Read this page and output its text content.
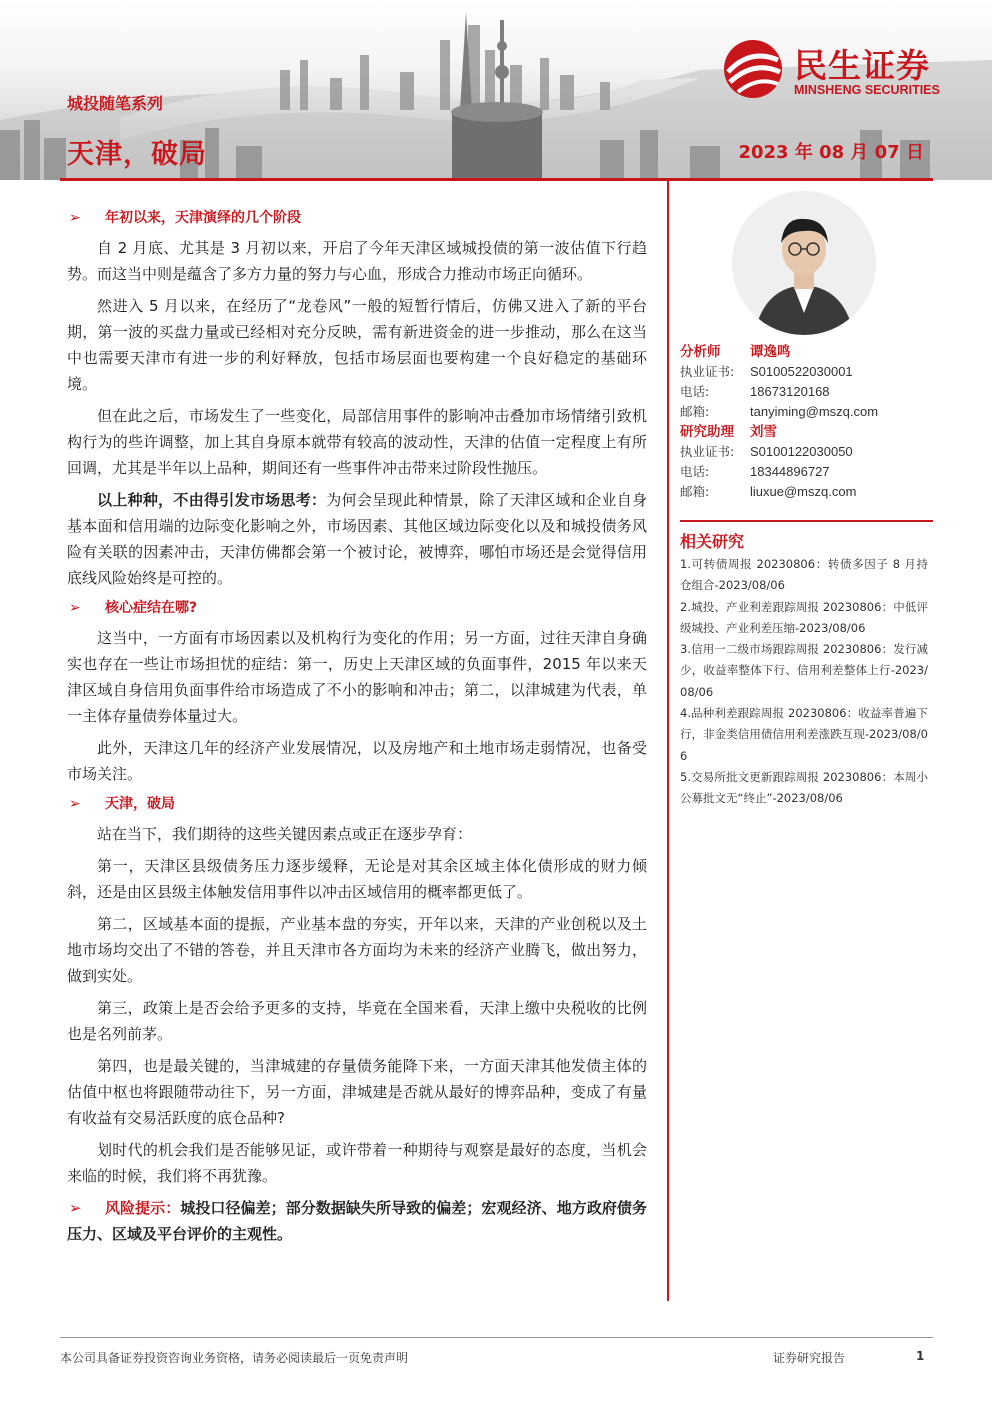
民生证券
MINSHENG SECURITIES
城投随笔系列
天津，破局	2023 年 08 月 07 日
➢ 年初以来，天津演绎的几个阶段

自 2 月底、尤其是 3 月初以来，开启了今年天津区域城投债的第一波估值下行趋势。而这当中则是蕴含了多方力量的努力与心血，形成合力推动市场正向循环。

然进入 5 月以来，在经历了“龙卷风”一般的短暂行情后，仿佛又进入了新的平台期，第一波的买盘力量或已经相对充分反映，需有新进资金的进一步推动，那么在这当中也需要天津市有进一步的利好释放，包括市场层面也要构建一个良好稳定的基础环境。

但在此之后，市场发生了一些变化，局部信用事件的影响冲击叠加市场情绪引致机构行为的些许调整，加上其自身原本就带有较高的波动性，天津的估值一定程度上有所回调，尤其是半年以上品种，期间还有一些事件冲击带来过阶段性抛压。

以上种种，不由得引发市场思考：为何会呈现此种情景，除了天津区域和企业自身基本面和信用端的边际变化影响之外，市场因素、其他区域边际变化以及和城投债务风险有关联的因素冲击，天津仿佛都会第一个被讨论，被博弈，哪怕市场还是会觉得信用底线风险始终是可控的。

➢ 核心症结在哪?

这当中，一方面有市场因素以及机构行为变化的作用；另一方面，过往天津自身确实也存在一些让市场担忧的症结：第一，历史上天津区域的负面事件，2015 年以来天津区域自身信用负面事件给市场造成了不小的影响和冲击；第二，以津城建为代表，单一主体存量债券体量过大。

此外，天津这几年的经济产业发展情况，以及房地产和土地市场走弱情况，也备受市场关注。

➢ 天津，破局

站在当下，我们期待的这些关键因素点或正在逐步孕育：

第一，天津区县级债务压力逐步缓释，无论是对其余区域主体化债形成的财力倾斜，还是由区县级主体触发信用事件以冲击区域信用的概率都更低了。

第二，区域基本面的提振，产业基本盘的夯实，开年以来，天津的产业创税以及土地市场均交出了不错的答卷，并且天津市各方面均为未来的经济产业腾飞，做出努力，做到实处。

第三，政策上是否会给予更多的支持，毕竟在全国来看，天津上缴中央税收的比例也是名列前茅。

第四，也是最关键的，当津城建的存量债务能降下来，一方面天津其他发债主体的估值中枢也将跟随带动往下，另一方面，津城建是否就从最好的博弈品种，变成了有量有收益有交易活跃度的底仓品种?

划时代的机会我们是否能够见证，或许带着一种期待与观察是最好的态度，当机会来临的时候，我们将不再犹豫。

➢ 风险提示：城投口径偏差；部分数据缺失所导致的偏差；宏观经济、地方政府债务压力、区域及平台评价的主观性。
分析师 谭逸鸣
执业证书: S0100522030001
电话:	18673120168
邮箱:	tanyiming@mszq.com
研究助理 刘雪
执业证书: S0100122030050
电话:	18344896727
邮箱:	liuxue@mszq.com
相关研究
1.可转债周报 20230806：转债多因子 8 月持仓组合-2023/08/06
2.城投、产业利差跟踪周报 20230806：中低评级城投、产业利差压缩-2023/08/06
3.信用一二级市场跟踪周报 20230806：发行减少，收益率整体下行、信用利差整体上行-2023/08/06
4.品种利差跟踪周报 20230806：收益率普遍下行，非金类信用债信用利差涨跌互现-2023/08/06
5.交易所批文更新跟踪周报 20230806：本周小公募批文无“终止”-2023/08/06
本公司具备证券投资咨询业务资格，请务必阅读最后一页免责声明	证券研究报告	1
